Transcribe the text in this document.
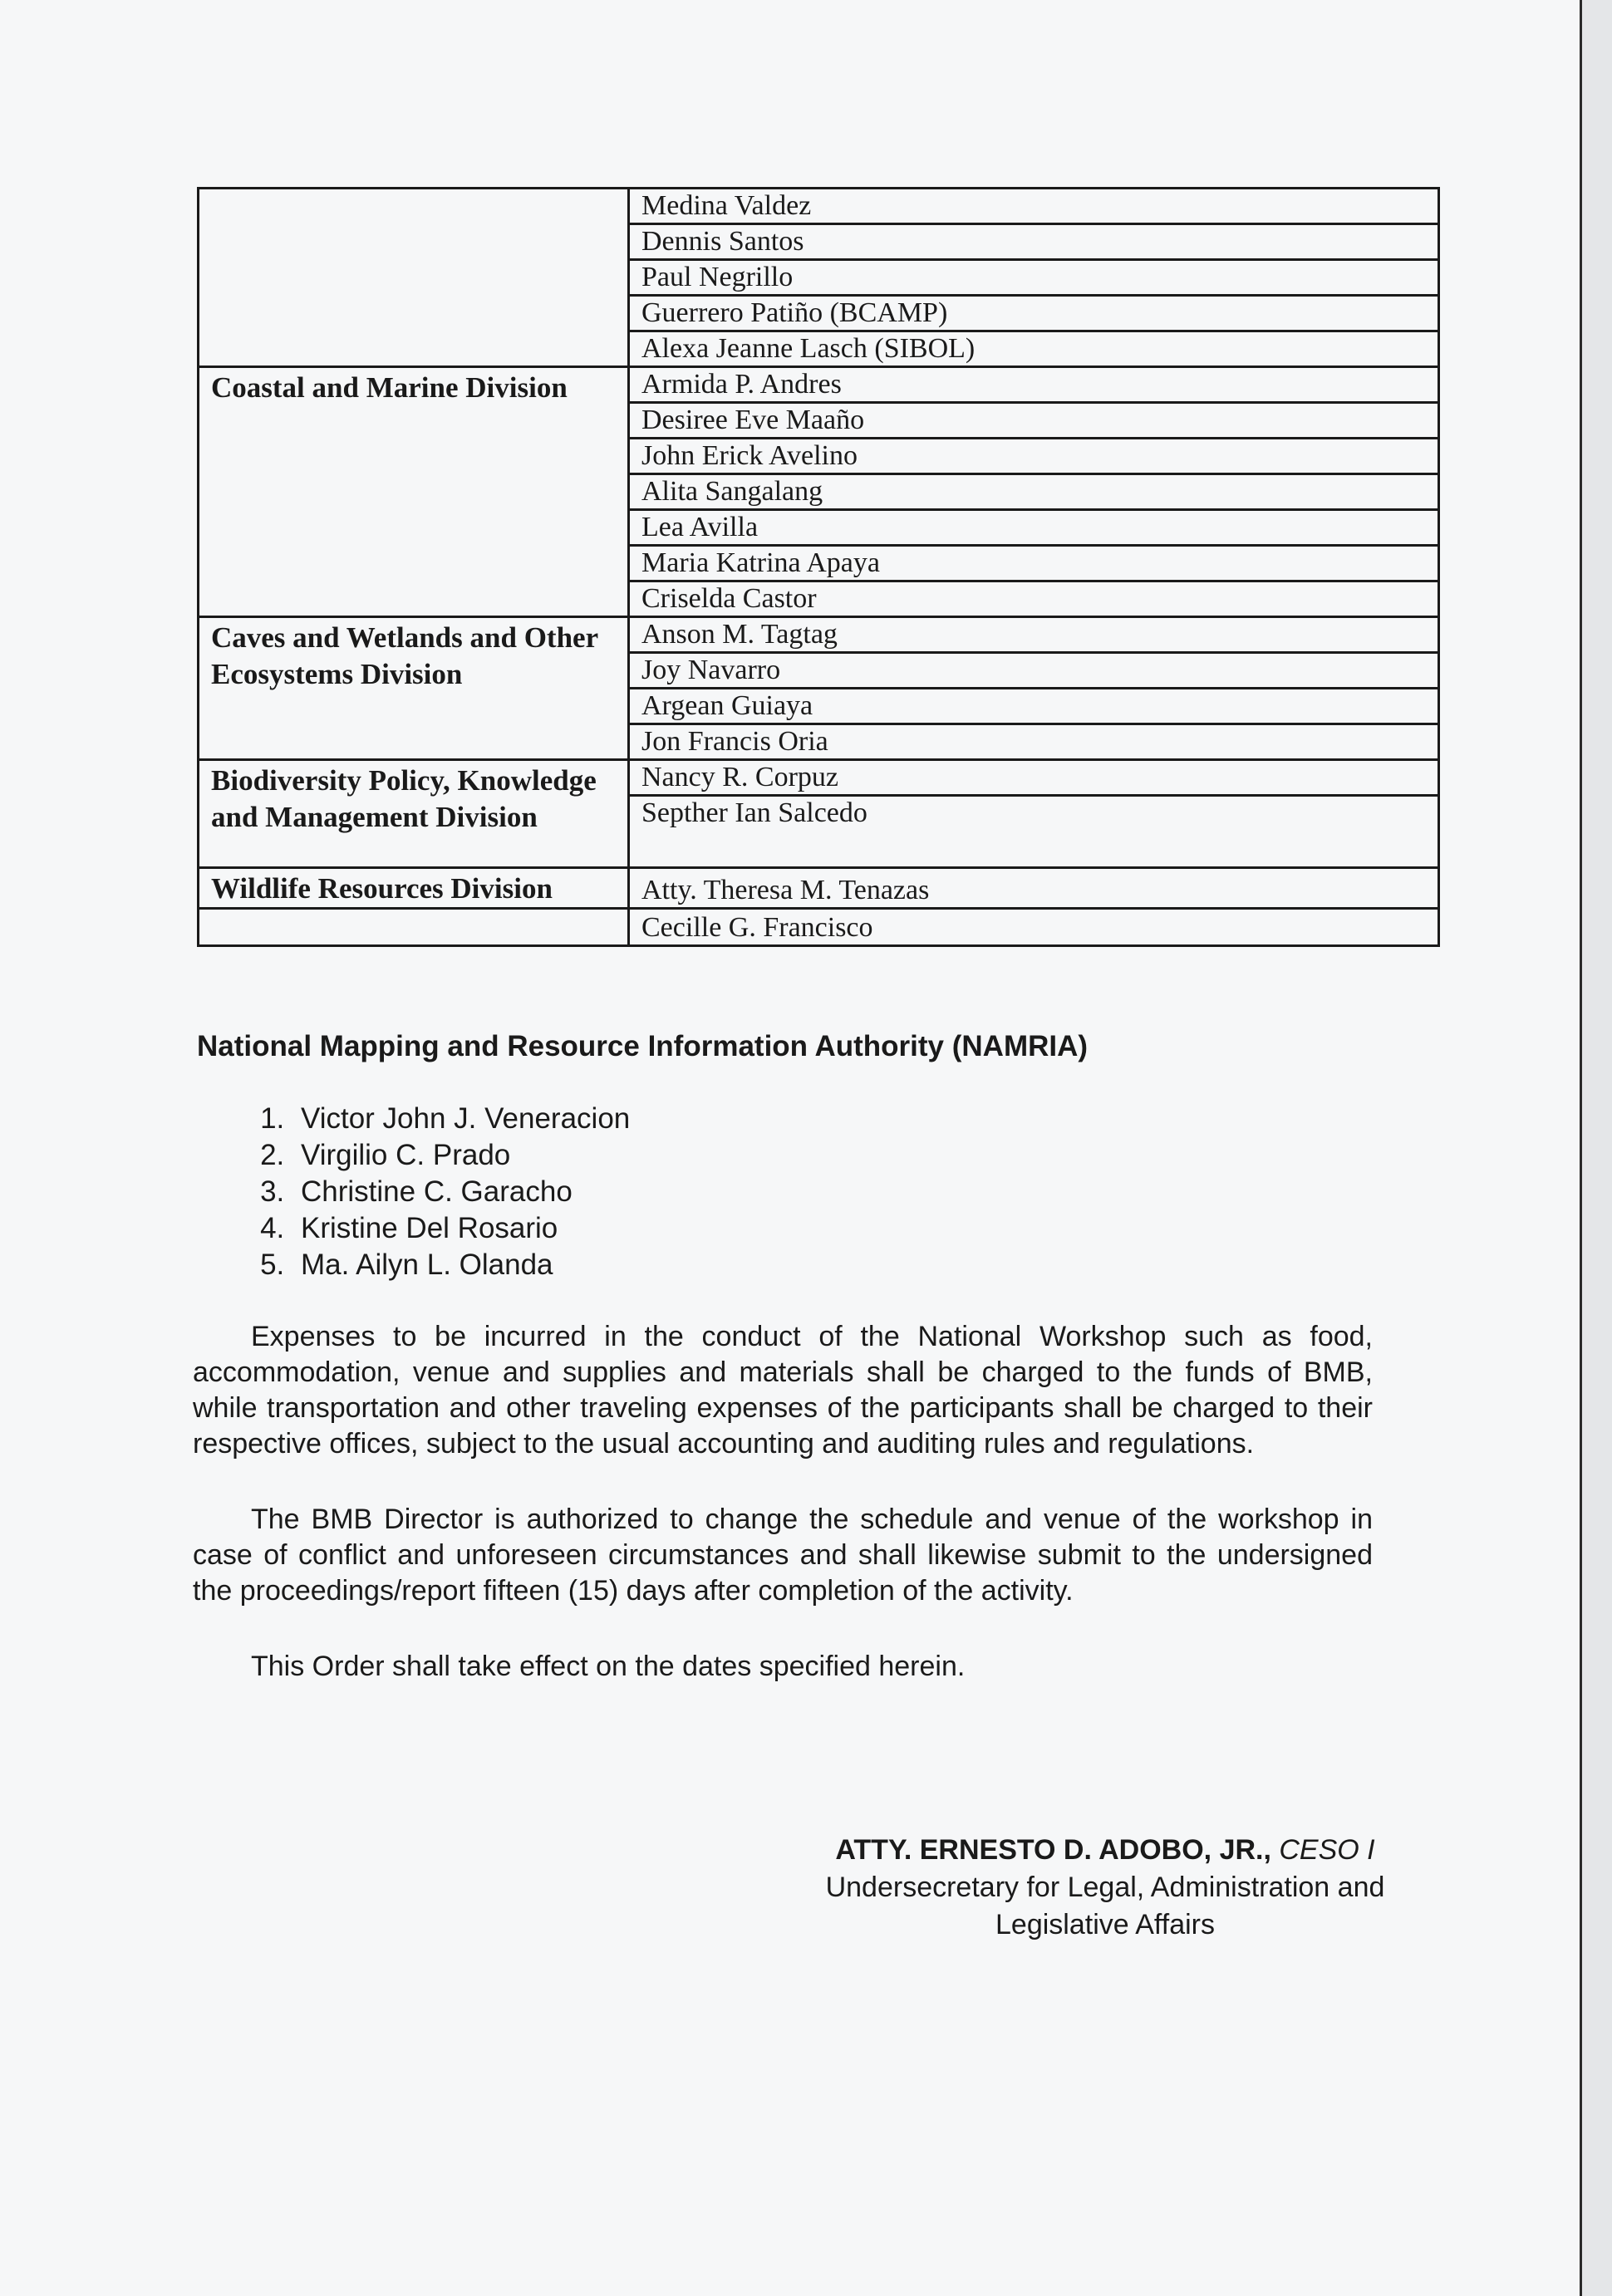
	Medina Valdez
	Dennis Santos
	Paul Negrillo
	Guerrero Patiño (BCAMP)
	Alexa Jeanne Lasch (SIBOL)
Coastal and Marine Division	Armida P. Andres
	Desiree Eve Maaño
	John Erick Avelino
	Alita Sangalang
	Lea Avilla
	Maria Katrina Apaya
	Criselda Castor
Caves and Wetlands and Other Ecosystems Division	Anson M. Tagtag
	Joy Navarro
	Argean Guiaya
	Jon Francis Oria
Biodiversity Policy, Knowledge and Management Division	Nancy R. Corpuz
	Septher Ian Salcedo
Wildlife Resources Division	Atty. Theresa M. Tenazas
	Cecille G. Francisco
National Mapping and Resource Information Authority (NAMRIA)
1. Victor John J. Veneracion
2. Virgilio C. Prado
3. Christine C. Garacho
4. Kristine Del Rosario
5. Ma. Ailyn L. Olanda

Expenses to be incurred in the conduct of the National Workshop such as food, accommodation, venue and supplies and materials shall be charged to the funds of BMB, while transportation and other traveling expenses of the participants shall be charged to their respective offices, subject to the usual accounting and auditing rules and regulations.

The BMB Director is authorized to change the schedule and venue of the workshop in case of conflict and unforeseen circumstances and shall likewise submit to the undersigned the proceedings/report fifteen (15) days after completion of the activity.

This Order shall take effect on the dates specified herein.

ATTY. ERNESTO D. ADOBO, JR., CESO I
Undersecretary for Legal, Administration and
Legislative Affairs
